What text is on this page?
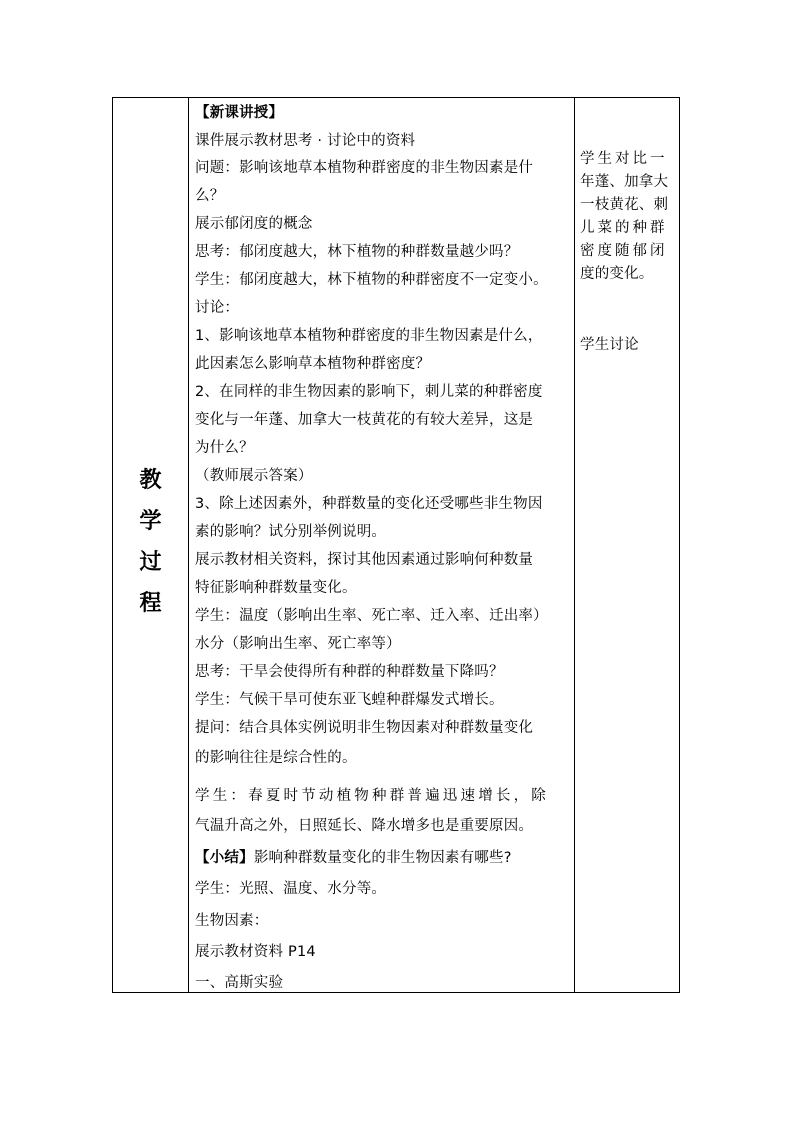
教
学
过
程
【新课讲授】
课件展示教材思考 · 讨论中的资料
问题：影响该地草本植物种群密度的非生物因素是什
么？
展示郁闭度的概念
思考：郁闭度越大，林下植物的种群数量越少吗？
学生：郁闭度越大，林下植物的种群密度不一定变小。
讨论：
1、影响该地草本植物种群密度的非生物因素是什么，
此因素怎么影响草本植物种群密度？
2、在同样的非生物因素的影响下，刺儿菜的种群密度
变化与一年蓬、加拿大一枝黄花的有较大差异，这是
为什么？
（教师展示答案）
3、除上述因素外，种群数量的变化还受哪些非生物因
素的影响？试分别举例说明。
展示教材相关资料，探讨其他因素通过影响何种数量
特征影响种群数量变化。
学生：温度（影响出生率、死亡率、迁入率、迁出率）
水分（影响出生率、死亡率等）
思考：干旱会使得所有种群的种群数量下降吗？
学生：气候干旱可使东亚飞蝗种群爆发式增长。
提问：结合具体实例说明非生物因素对种群数量变化
的影响往往是综合性的。
学生：春夏时节动植物种群普遍迅速增长，除
气温升高之外，日照延长、降水增多也是重要原因。
【小结】影响种群数量变化的非生物因素有哪些?
学生：光照、温度、水分等。
生物因素：
展示教材资料 P14
一、高斯实验
学生对比一
年蓬、加拿大
一枝黄花、刺
儿菜的种群
密度随郁闭
度的变化。
学生讨论
